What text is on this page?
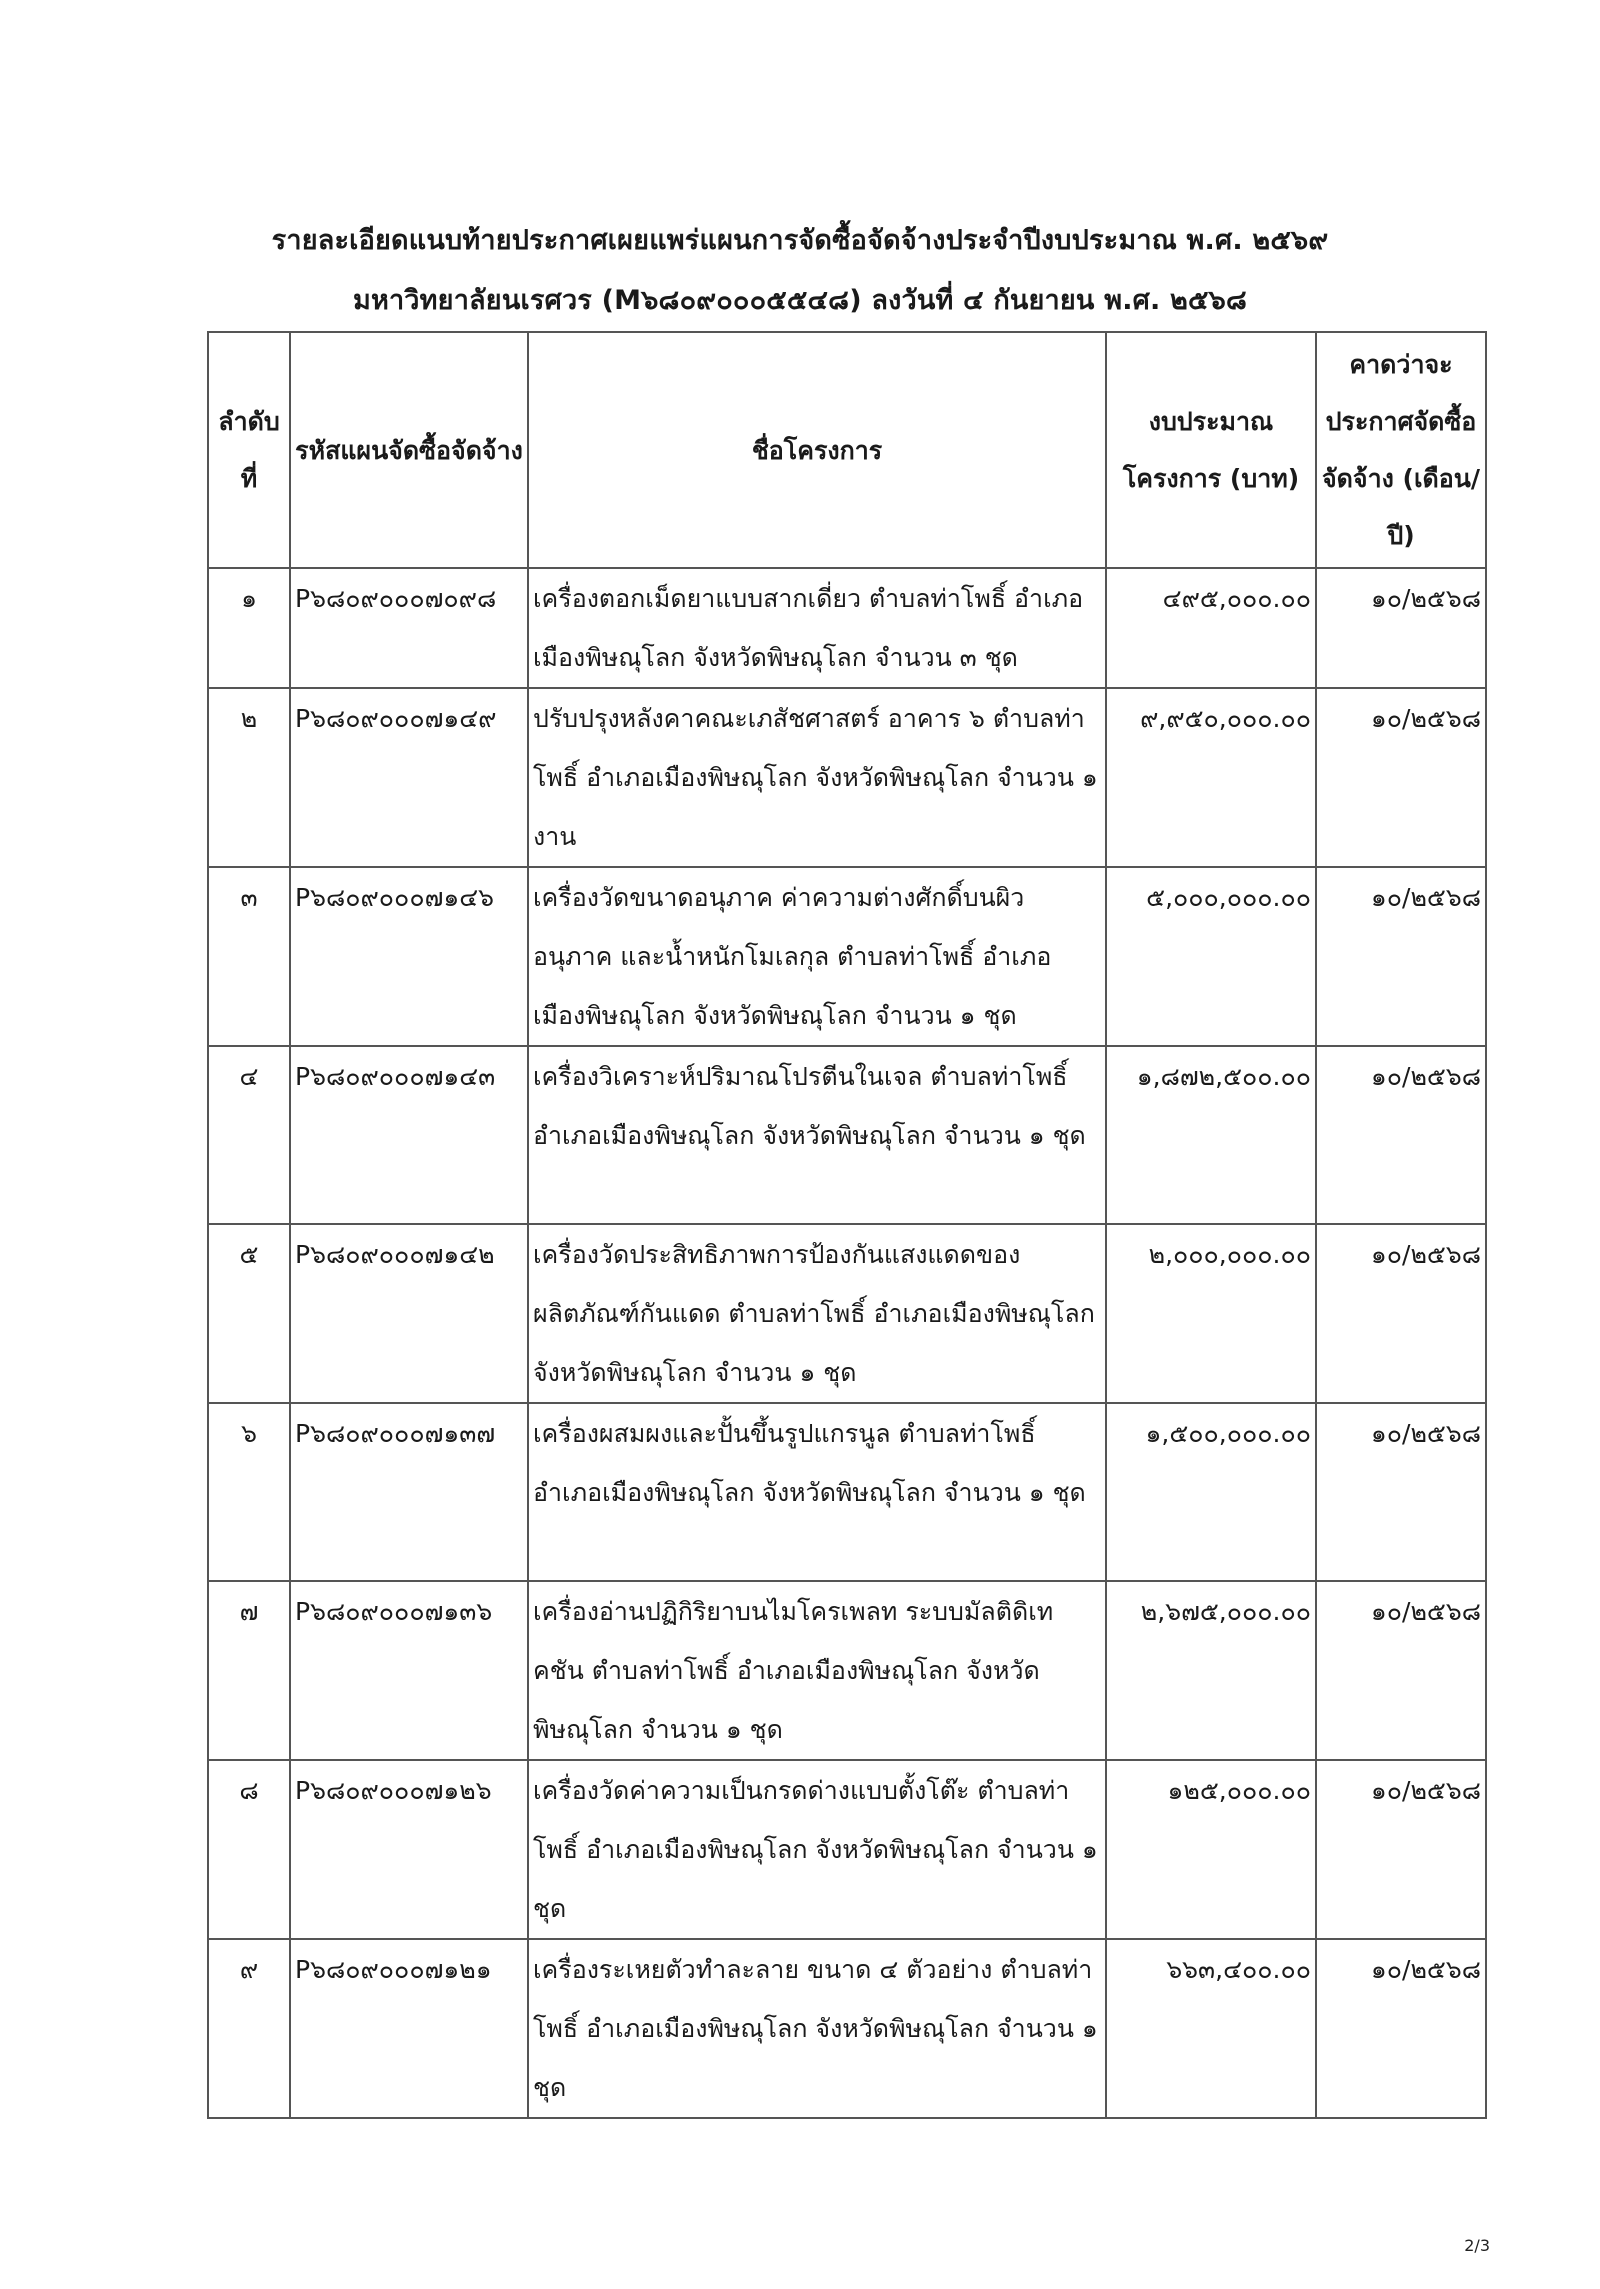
รายละเอียดแนบท้ายประกาศเผยแพร่แผนการจัดซื้อจัดจ้างประจำปีงบประมาณ พ.ศ. ๒๕๖๙
มหาวิทยาลัยนเรศวร (M๖๘๐๙๐๐๐๕๕๔๘) ลงวันที่ ๔ กันยายน พ.ศ. ๒๕๖๘
ลำดับที่	รหัสแผนจัดซื้อจัดจ้าง	ชื่อโครงการ	งบประมาณโครงการ (บาท)	คาดว่าจะประกาศจัดซื้อจัดจ้าง (เดือน/ปี)
๑	P๖๘๐๙๐๐๐๗๐๙๘	เครื่องตอกเม็ดยาแบบสากเดี่ยว ตำบลท่าโพธิ์ อำเภอเมืองพิษณุโลก จังหวัดพิษณุโลก จำนวน ๓ ชุด	๔๙๕,๐๐๐.๐๐	๑๐/๒๕๖๘
๒	P๖๘๐๙๐๐๐๗๑๔๙	ปรับปรุงหลังคาคณะเภสัชศาสตร์ อาคาร ๖ ตำบลท่าโพธิ์ อำเภอเมืองพิษณุโลก จังหวัดพิษณุโลก จำนวน ๑ งาน	๙,๙๕๐,๐๐๐.๐๐	๑๐/๒๕๖๘
๓	P๖๘๐๙๐๐๐๗๑๔๖	เครื่องวัดขนาดอนุภาค ค่าความต่างศักดิ์บนผิวอนุภาค และน้ำหนักโมเลกุล ตำบลท่าโพธิ์ อำเภอเมืองพิษณุโลก จังหวัดพิษณุโลก จำนวน ๑ ชุด	๕,๐๐๐,๐๐๐.๐๐	๑๐/๒๕๖๘
๔	P๖๘๐๙๐๐๐๗๑๔๓	เครื่องวิเคราะห์ปริมาณโปรตีนในเจล ตำบลท่าโพธิ์ อำเภอเมืองพิษณุโลก จังหวัดพิษณุโลก จำนวน ๑ ชุด	๑,๘๗๒,๕๐๐.๐๐	๑๐/๒๕๖๘
๕	P๖๘๐๙๐๐๐๗๑๔๒	เครื่องวัดประสิทธิภาพการป้องกันแสงแดดของผลิตภัณฑ์กันแดด ตำบลท่าโพธิ์ อำเภอเมืองพิษณุโลก จังหวัดพิษณุโลก จำนวน ๑ ชุด	๒,๐๐๐,๐๐๐.๐๐	๑๐/๒๕๖๘
๖	P๖๘๐๙๐๐๐๗๑๓๗	เครื่องผสมผงและปั้นขึ้นรูปแกรนูล ตำบลท่าโพธิ์ อำเภอเมืองพิษณุโลก จังหวัดพิษณุโลก จำนวน ๑ ชุด	๑,๕๐๐,๐๐๐.๐๐	๑๐/๒๕๖๘
๗	P๖๘๐๙๐๐๐๗๑๓๖	เครื่องอ่านปฏิกิริยาบนไมโครเพลท ระบบมัลติดิเทคชัน ตำบลท่าโพธิ์ อำเภอเมืองพิษณุโลก จังหวัดพิษณุโลก จำนวน ๑ ชุด	๒,๖๗๕,๐๐๐.๐๐	๑๐/๒๕๖๘
๘	P๖๘๐๙๐๐๐๗๑๒๖	เครื่องวัดค่าความเป็นกรดด่างแบบตั้งโต๊ะ ตำบลท่าโพธิ์ อำเภอเมืองพิษณุโลก จังหวัดพิษณุโลก จำนวน ๑ ชุด	๑๒๕,๐๐๐.๐๐	๑๐/๒๕๖๘
๙	P๖๘๐๙๐๐๐๗๑๒๑	เครื่องระเหยตัวทำละลาย ขนาด ๔ ตัวอย่าง ตำบลท่าโพธิ์ อำเภอเมืองพิษณุโลก จังหวัดพิษณุโลก จำนวน ๑ ชุด	๖๖๓,๔๐๐.๐๐	๑๐/๒๕๖๘
2/3
